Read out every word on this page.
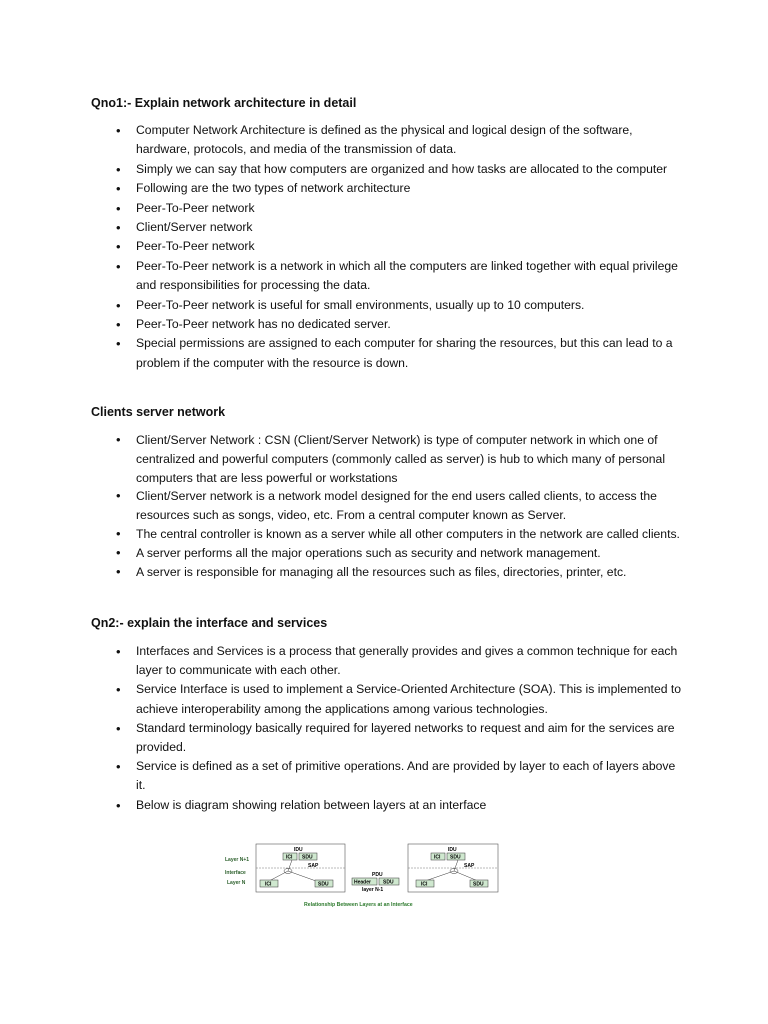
Qno1:- Explain network architecture in detail
• Computer Network Architecture is defined as the physical and logical design of the software, hardware, protocols, and media of the transmission of data.
• Simply we can say that how computers are organized and how tasks are allocated to the computer
• Following are the two types of network architecture
• Peer-To-Peer network
• Client/Server network
• Peer-To-Peer network
• Peer-To-Peer network is a network in which all the computers are linked together with equal privilege and responsibilities for processing the data.
• Peer-To-Peer network is useful for small environments, usually up to 10 computers.
• Peer-To-Peer network has no dedicated server.
• Special permissions are assigned to each computer for sharing the resources, but this can lead to a problem if the computer with the resource is down.
Clients server network
• Client/Server Network : CSN (Client/Server Network) is type of computer network in which one of centralized and powerful computers (commonly called as server) is hub to which many of personal computers that are less powerful or workstations
• Client/Server network is a network model designed for the end users called clients, to access the resources such as songs, video, etc. From a central computer known as Server.
• The central controller is known as a server while all other computers in the network are called clients.
• A server performs all the major operations such as security and network management.
• A server is responsible for managing all the resources such as files, directories, printer, etc.
Qn2:- explain the interface and services
• Interfaces and Services is a process that generally provides and gives a common technique for each layer to communicate with each other.
• Service Interface is used to implement a Service-Oriented Architecture (SOA). This is implemented to achieve interoperability among the applications among various technologies.
• Standard terminology basically required for layered networks to request and aim for the services are provided.
• Service is defined as a set of primitive operations. And are provided by layer to each of layers above it.
• Below is diagram showing relation between layers at an interface
Layer N+1
Interface
Layer N
IDU
ICI SDU
SAP
ICI	SDU
PDU
Header SDU
layer N-1
IDU
ICI SDU
SAP
ICI	SDU
Relationship Between Layers at an Interface
